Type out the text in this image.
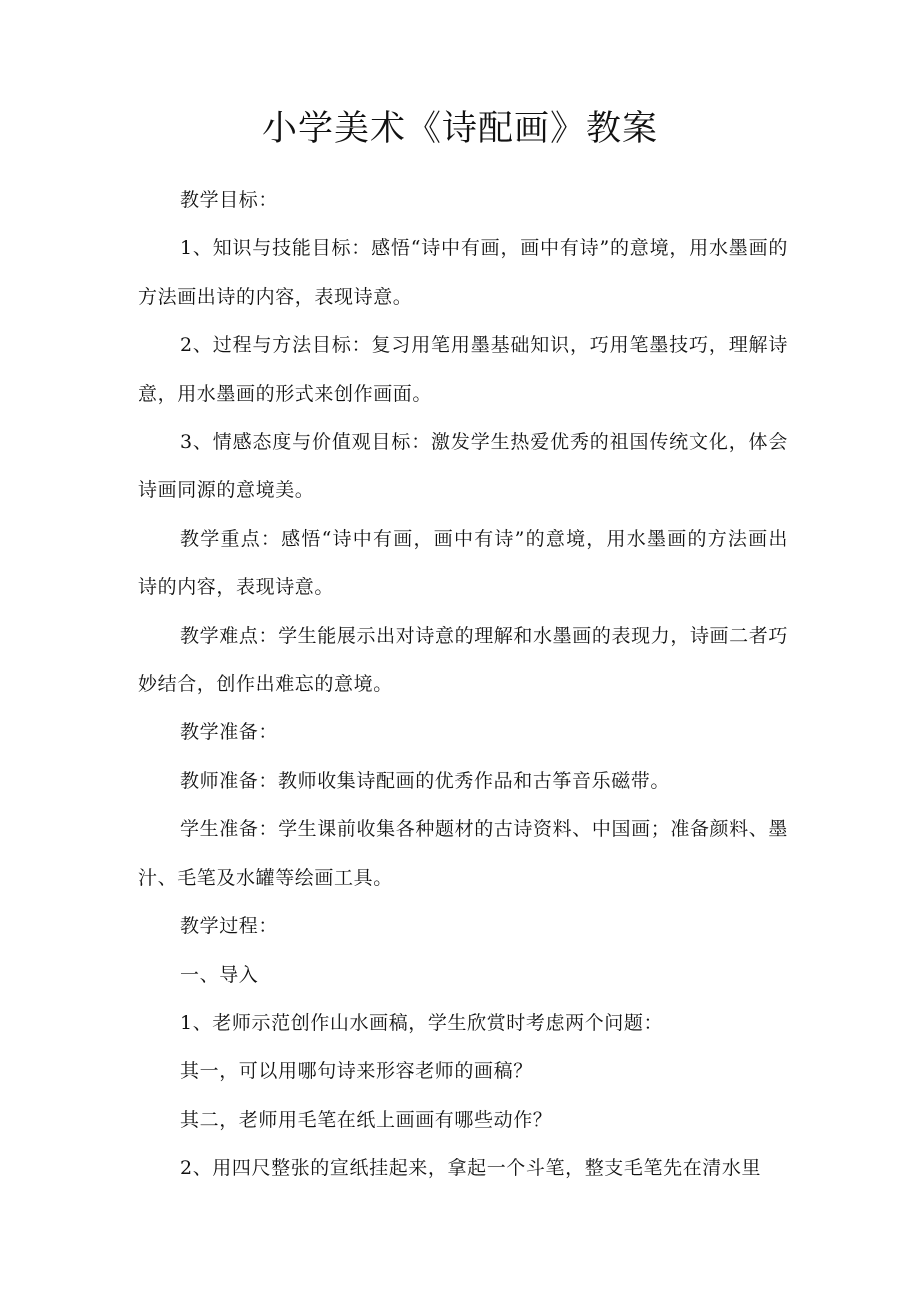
小学美术《诗配画》教案

教学目标：

1、知识与技能目标：感悟“诗中有画，画中有诗”的意境，用水墨画的方法画出诗的内容，表现诗意。

2、过程与方法目标：复习用笔用墨基础知识，巧用笔墨技巧，理解诗意，用水墨画的形式来创作画面。

3、情感态度与价值观目标：激发学生热爱优秀的祖国传统文化，体会诗画同源的意境美。

教学重点：感悟“诗中有画，画中有诗”的意境，用水墨画的方法画出诗的内容，表现诗意。

教学难点：学生能展示出对诗意的理解和水墨画的表现力，诗画二者巧妙结合，创作出难忘的意境。

教学准备：

教师准备：教师收集诗配画的优秀作品和古筝音乐磁带。

学生准备：学生课前收集各种题材的古诗资料、中国画；准备颜料、墨汁、毛笔及水罐等绘画工具。

教学过程：

一、导入

1、老师示范创作山水画稿，学生欣赏时考虑两个问题：

其一，可以用哪句诗来形容老师的画稿？

其二，老师用毛笔在纸上画画有哪些动作？

2、用四尺整张的宣纸挂起来，拿起一个斗笔，整支毛笔先在清水里
